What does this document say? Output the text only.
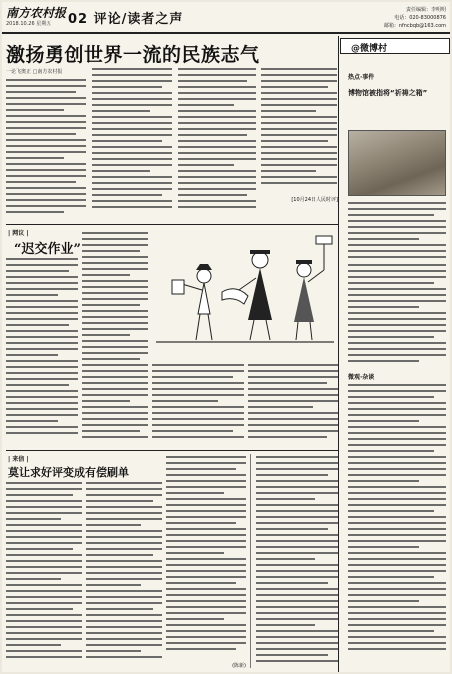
南方农村报
2018.10.26 星期五 02 评论/读者之声
责任编辑：李明明
电话：020-83000876
邮箱：nfncbqb@163.com
激扬勇创世界一流的民族志气
一论飞奥正 □南方农村报
[10月24日人民时评]
| 网议 |
“迟交作业”
| 来信 |
莫让求好评变成有偿刷单
(陈新)
@微博村
热点·事件
博物馆被指将“祈祷之箱”
微观·杂谈
